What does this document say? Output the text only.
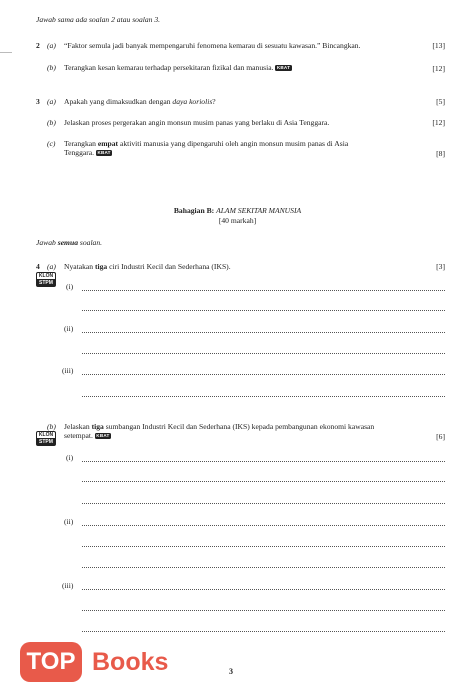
Jawab sama ada soalan 2 atau soalan 3.
2 (a) “Faktor semula jadi banyak mempengaruhi fenomena kemarau di sesuatu kawasan.” Bincangkan.	[13]
(b) Terangkan kesan kemarau terhadap persekitaran fizikal dan manusia. KBAT	[12]
3 (a) Apakah yang dimaksudkan dengan daya koriolis?	[5]
(b) Jelaskan proses pergerakan angin monsun musim panas yang berlaku di Asia Tenggara.	[12]
(c) Terangkan empat aktiviti manusia yang dipengaruhi oleh angin monsun musim panas di Asia
Tenggara. KBAT	[8]
Bahagian B: ALAM SEKITAR MANUSIA
[40 markah]
Jawab semua soalan.
4 (a) Nyatakan tiga ciri Industri Kecil dan Sederhana (IKS).	[3]
KLON
STPM	(i)
(ii)
(iii)
(b) Jelaskan tiga sumbangan Industri Kecil dan Sederhana (IKS) kepada pembangunan ekonomi kawasan
setempat. KBAT	[6]
KLON
STPM
(i)
(ii)
(iii)
TOP Books	3
